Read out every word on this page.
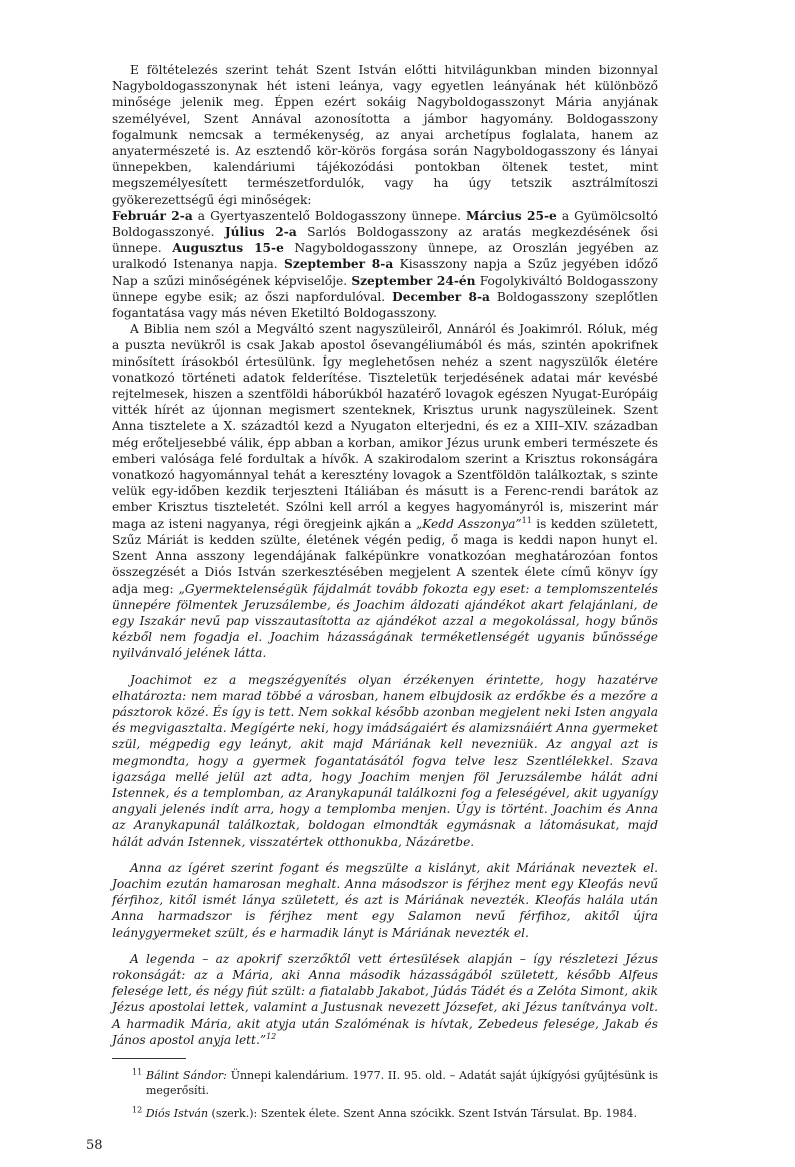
E föltételezés szerint tehát Szent István előtti hitvilágunkban minden bizonnyal Nagyboldogasszonynak hét isteni leánya, vagy egyetlen leányának hét különböző minősége jelenik meg. Éppen ezért sokáig Nagyboldogasszonyt Mária anyjának személyével, Szent Annával azonosította a jámbor hagyomány. Boldogasszony fogalmunk nemcsak a termékenység, az anyai archetípus foglalata, hanem az anyatermészeté is. Az esztendő kör-körös forgása során Nagyboldogasszony és lányai ünnepekben, kalendáriumi tájékozódási pontokban öltenek testet, mint megszemélyesített természetfordulók, vagy ha úgy tetszik asztrálmítoszi gyökerezettségű égi minőségek:

Február 2-a a Gyertyaszentelő Boldogasszony ünnepe. Március 25-e a Gyümölcsoltó Boldogasszonyé. Július 2-a Sarlós Boldogasszony az aratás megkezdésének ősi ünnepe. Augusztus 15-e Nagyboldogasszony ünnepe, az Oroszlán jegyében az uralkodó Istenanya napja. Szeptember 8-a Kisasszony napja a Szűz jegyében időző Nap a szűzi minőségének képviselője. Szeptember 24-én Fogolykiváltó Boldogasszony ünnepe egybe esik; az őszi napfordulóval. December 8-a Boldogasszony szeplőtlen fogantatása vagy más néven Eketiltó Boldogasszony.

A Biblia nem szól a Megváltó szent nagyszüleiről, Annáról és Joakimról. Róluk, még a puszta nevükről is csak Jakab apostol ősevangéliumából és más, szintén apokrifnek minősített írásokból értesülünk. Így meglehetősen nehéz a szent nagyszülők életére vonatkozó történeti adatok felderítése. Tiszteletük terjedésének adatai már kevésbé rejtelmesek, hiszen a szentföldi háborúkból hazatérő lovagok egészen Nyugat-Európáig vitték hírét az újonnan megismert szenteknek, Krisztus urunk nagyszüleinek. Szent Anna tisztelete a X. századtól kezd a Nyugaton elterjedni, és ez a XIII–XIV. században még erőteljesebbé válik, épp abban a korban, amikor Jézus urunk emberi természete és emberi valósága felé fordultak a hívők. A szakirodalom szerint a Krisztus rokonságára vonatkozó hagyománnyal tehát a keresztény lovagok a Szentföldön találkoztak, s szinte velük egy-időben kezdik terjeszteni Itáliában és másutt is a Ferenc-rendi barátok az ember Krisztus tiszteletét. Szólni kell arról a kegyes hagyományról is, miszerint már maga az isteni nagyanya, régi öregjeink ajkán a „Kedd Asszonya”$^{11}$ is kedden született, Szűz Máriát is kedden szülte, életének végén pedig, ő maga is keddi napon hunyt el. Szent Anna asszony legendájának falképünkre vonatkozóan meghatározóan fontos összegzését a Diós István szerkesztésében megjelent A szentek élete című könyv így adja meg: „Gyermektelenségük fájdalmát tovább fokozta egy eset: a templomszentelés ünnepére fölmentek Jeruzsálembe, és Joachim áldozati ajándékot akart felajánlani, de egy Iszakár nevű pap visszautasította az ajándékot azzal a megokolással, hogy bűnös kézből nem fogadja el. Joachim házasságának terméketlenségét ugyanis bűnössége nyilvánvaló jelének látta.

Joachimot ez a megszégyenítés olyan érzékenyen érintette, hogy hazatérve elhatározta: nem marad többé a városban, hanem elbujdosik az erdőkbe és a mezőre a pásztorok közé. És így is tett. Nem sokkal később azonban megjelent neki Isten angyala és megvigasztalta. Megígérte neki, hogy imádságaiért és alamizsnáiért Anna gyermeket szül, mégpedig egy leányt, akit majd Máriának kell nevezniük. Az angyal azt is megmondta, hogy a gyermek fogantatásától fogva telve lesz Szentlélekkel. Szava igazsága mellé jelül azt adta, hogy Joachim menjen föl Jeruzsálembe hálát adni Istennek, és a templomban, az Aranykapunál találkozni fog a feleségével, akit ugyanígy angyali jelenés indít arra, hogy a templomba menjen. Úgy is történt. Joachim és Anna az Aranykapunál találkoztak, boldogan elmondták egymásnak a látomásukat, majd hálát adván Istennek, visszatértek otthonukba, Názáretbe.

Anna az ígéret szerint fogant és megszülte a kislányt, akit Máriának neveztek el. Joachim ezután hamarosan meghalt. Anna másodszor is férjhez ment egy Kleofás nevű férfihoz, kitől ismét lánya született, és azt is Máriának nevezték. Kleofás halála után Anna harmadszor is férjhez ment egy Salamon nevű férfihoz, akitől újra leánygyermeket szült, és e harmadik lányt is Máriának nevezték el.

A legenda – az apokrif szerzőktől vett értesülések alapján – így részletezi Jézus rokonságát: az a Mária, aki Anna második házasságából született, később Alfeus felesége lett, és négy fiút szült: a fiatalabb Jakabot, Júdás Tádét és a Zelóta Simont, akik Jézus apostolai lettek, valamint a Justusnak nevezett Józsefet, aki Jézus tanítványa volt. A harmadik Mária, akit atyja után Szalóménak is hívtak, Zebedeus felesége, Jakab és János apostol anyja lett.”$^{12}$

$^{11}$ Bálint Sándor: Ünnepi kalendárium. 1977. II. 95. old. – Adatát saját újkígyósi gyűjtésünk is megerősíti.

$^{12}$ Diós István (szerk.): Szentek élete. Szent Anna szócikk. Szent István Társulat. Bp. 1984.

58
